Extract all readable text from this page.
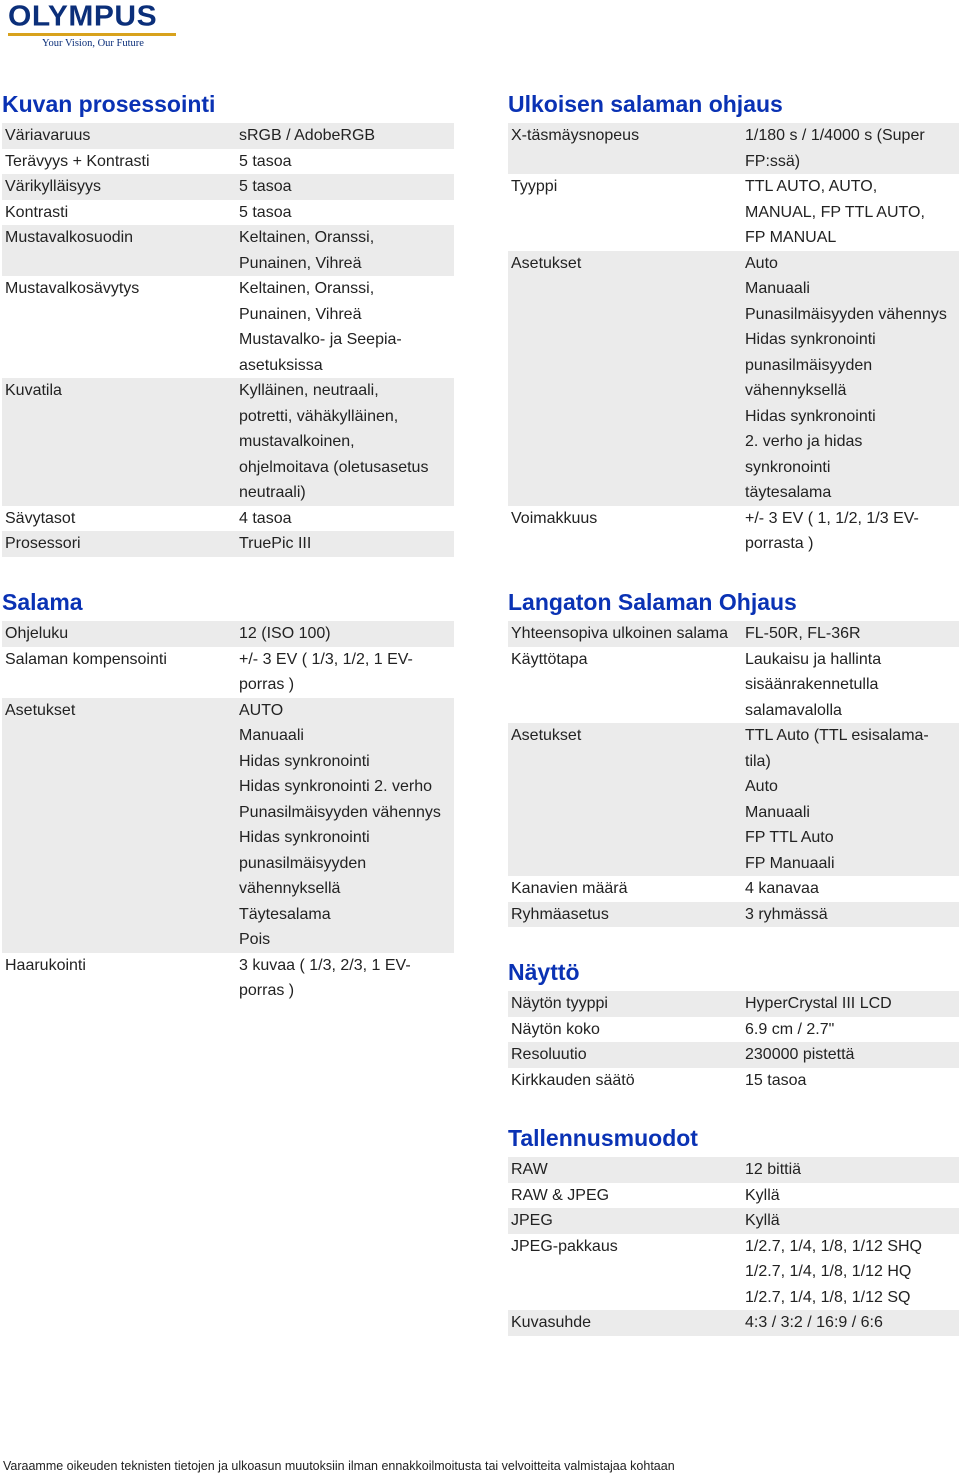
OLYMPUS
Your Vision, Our Future
Kuvan prosessointi
Väriavaruus	sRGB / AdobeRGB
Terävyys + Kontrasti	5 tasoa
Värikylläisyys	5 tasoa
Kontrasti	5 tasoa
Mustavalkosuodin	Keltainen, Oranssi,
Punainen, Vihreä
Mustavalkosävytys	Keltainen, Oranssi,
Punainen, Vihreä
Mustavalko- ja Seepia-
asetuksissa
Kuvatila	Kylläinen, neutraali,
potretti, vähäkylläinen,
mustavalkoinen,
ohjelmoitava (oletusasetus
neutraali)
Sävytasot	4 tasoa
Prosessori	TruePic III
Salama
Ohjeluku	12 (ISO 100)
Salaman kompensointi	+/- 3 EV ( 1/3, 1/2, 1 EV-
porras )
Asetukset	AUTO
Manuaali
Hidas synkronointi
Hidas synkronointi 2. verho
Punasilmäisyyden vähennys
Hidas synkronointi
punasilmäisyyden
vähennyksellä
Täytesalama
Pois
Haarukointi	3 kuvaa ( 1/3, 2/3, 1 EV-
porras )
Ulkoisen salaman ohjaus
X-täsmäysnopeus	1/180 s / 1/4000 s (Super
FP:ssä)
Tyyppi	TTL AUTO, AUTO,
MANUAL, FP TTL AUTO,
FP MANUAL
Asetukset	Auto
Manuaali
Punasilmäisyyden vähennys
Hidas synkronointi
punasilmäisyyden
vähennyksellä
Hidas synkronointi
2. verho ja hidas
synkronointi
täytesalama
Voimakkuus	+/- 3 EV ( 1, 1/2, 1/3 EV-
porrasta )
Langaton Salaman Ohjaus
Yhteensopiva ulkoinen salama	FL-50R, FL-36R
Käyttötapa	Laukaisu ja hallinta
sisäänrakennetulla
salamavalolla
Asetukset	TTL Auto (TTL esisalama-
tila)
Auto
Manuaali
FP TTL Auto
FP Manuaali
Kanavien määrä	4 kanavaa
Ryhmäasetus	3 ryhmässä
Näyttö
Näytön tyyppi	HyperCrystal III LCD
Näytön koko	6.9 cm / 2.7"
Resoluutio	230000 pistettä
Kirkkauden säätö	15 tasoa
Tallennusmuodot
RAW	12 bittiä
RAW & JPEG	Kyllä
JPEG	Kyllä
JPEG-pakkaus	1/2.7, 1/4, 1/8, 1/12 SHQ
1/2.7, 1/4, 1/8, 1/12 HQ
1/2.7, 1/4, 1/8, 1/12 SQ
Kuvasuhde	4:3 / 3:2 / 16:9 / 6:6
Varaamme oikeuden teknisten tietojen ja ulkoasun muutoksiin ilman ennakkoilmoitusta tai velvoitteita valmistajaa kohtaan
